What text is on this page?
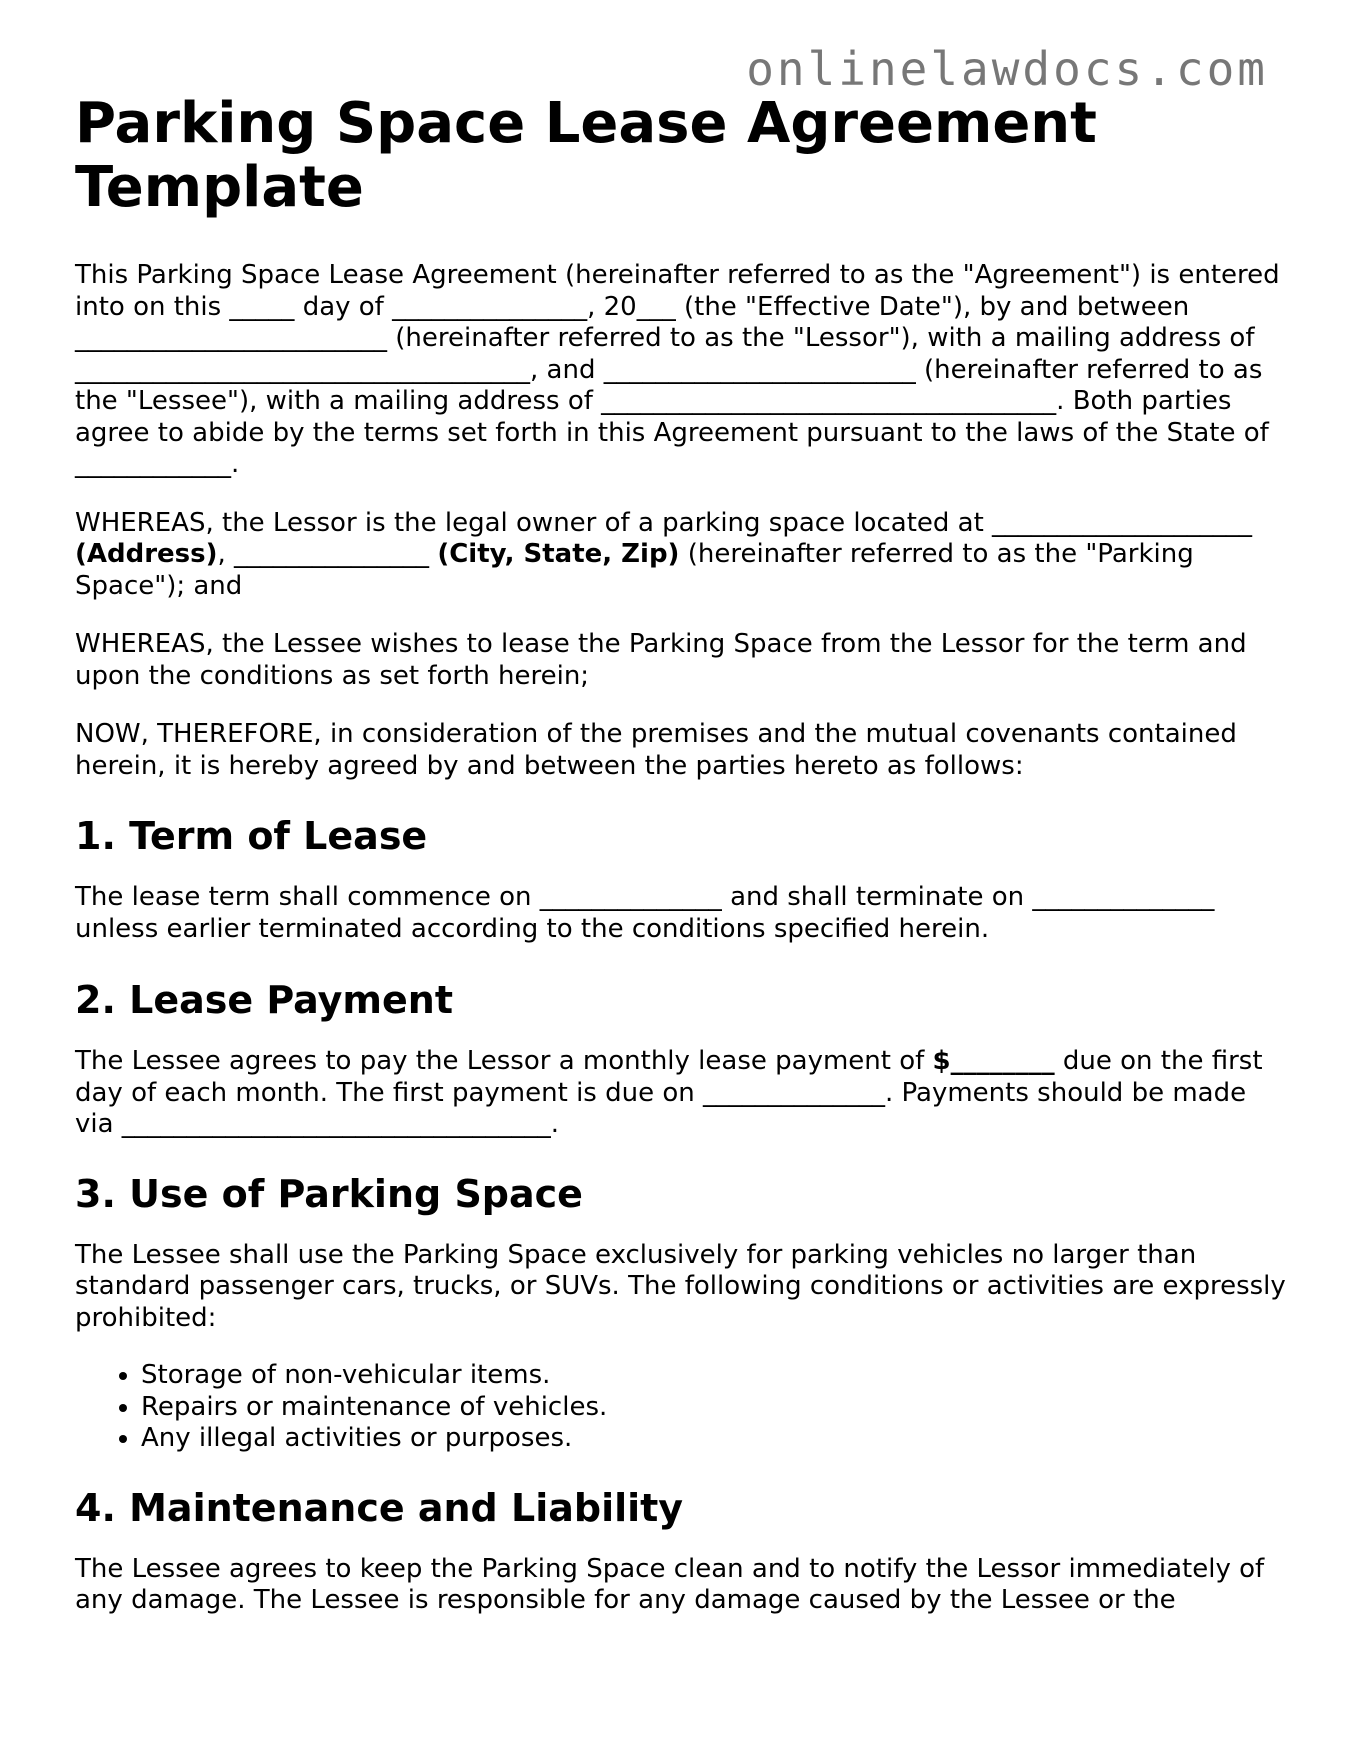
onlinelawdocs.com
Parking Space Lease Agreement Template

This Parking Space Lease Agreement (hereinafter referred to as the "Agreement") is entered into on this _____ day of _______________, 20___ (the "Effective Date"), by and between ________________________ (hereinafter referred to as the "Lessor"), with a mailing address of ___________________________________, and ________________________ (hereinafter referred to as the "Lessee"), with a mailing address of ___________________________________. Both parties agree to abide by the terms set forth in this Agreement pursuant to the laws of the State of ____________.

WHEREAS, the Lessor is the legal owner of a parking space located at ____________________ (Address), _______________ (City, State, Zip) (hereinafter referred to as the "Parking Space"); and

WHEREAS, the Lessee wishes to lease the Parking Space from the Lessor for the term and upon the conditions as set forth herein;

NOW, THEREFORE, in consideration of the premises and the mutual covenants contained herein, it is hereby agreed by and between the parties hereto as follows:

1. Term of Lease

The lease term shall commence on ______________ and shall terminate on ______________ unless earlier terminated according to the conditions specified herein.

2. Lease Payment

The Lessee agrees to pay the Lessor a monthly lease payment of $________ due on the first day of each month. The first payment is due on ______________. Payments should be made via _________________________________.

3. Use of Parking Space

The Lessee shall use the Parking Space exclusively for parking vehicles no larger than standard passenger cars, trucks, or SUVs. The following conditions or activities are expressly prohibited:

• Storage of non-vehicular items.
• Repairs or maintenance of vehicles.
• Any illegal activities or purposes.
4. Maintenance and Liability

The Lessee agrees to keep the Parking Space clean and to notify the Lessor immediately of any damage. The Lessee is responsible for any damage caused by the Lessee or the
